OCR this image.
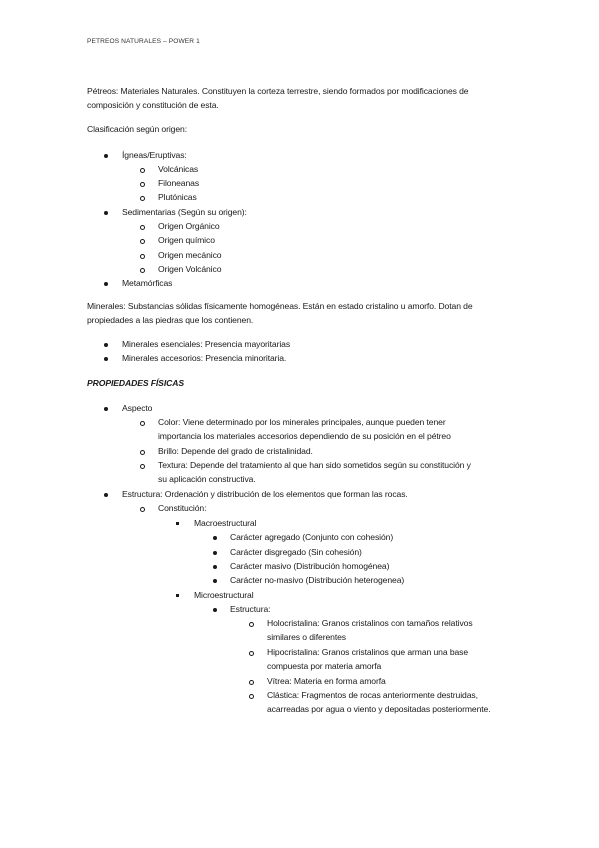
PETREOS NATURALES – POWER 1
Pétreos: Materiales Naturales. Constituyen la corteza terrestre, siendo formados por modificaciones de
composición y constitución de esta.
Clasificación según origen:
Ígneas/Eruptivas:
Volcánicas
Filoneanas
Plutónicas
Sedimentarias (Según su origen):
Origen Orgánico
Origen químico
Origen mecánico
Origen Volcánico
Metamórficas
Minerales: Substancias sólidas físicamente homogéneas. Están en estado cristalino u amorfo. Dotan de
propiedades a las piedras que los contienen.
Minerales esenciales: Presencia mayoritarias
Minerales accesorios: Presencia minoritaria.
PROPIEDADES FÍSICAS
Aspecto
Color: Viene determinado por los minerales principales, aunque pueden tener
importancia los materiales accesorios dependiendo de su posición en el pétreo
Brillo: Depende del grado de cristalinidad.
Textura: Depende del tratamiento al que han sido sometidos según su constitución y
su aplicación constructiva.
Estructura: Ordenación y distribución de los elementos que forman las rocas.
Constitución:
Macroestructural
Carácter agregado (Conjunto con cohesión)
Carácter disgregado (Sin cohesión)
Carácter masivo (Distribución homogénea)
Carácter no-masivo (Distribución heterogenea)
Microestructural
Estructura:
Holocristalina: Granos cristalinos con tamaños relativos
similares o diferentes
Hipocristalina: Granos cristalinos que arman una base
compuesta por materia amorfa
Vítrea: Materia en forma amorfa
Clástica: Fragmentos de rocas anteriormente destruidas,
acarreadas por agua o viento y depositadas posteriormente.
